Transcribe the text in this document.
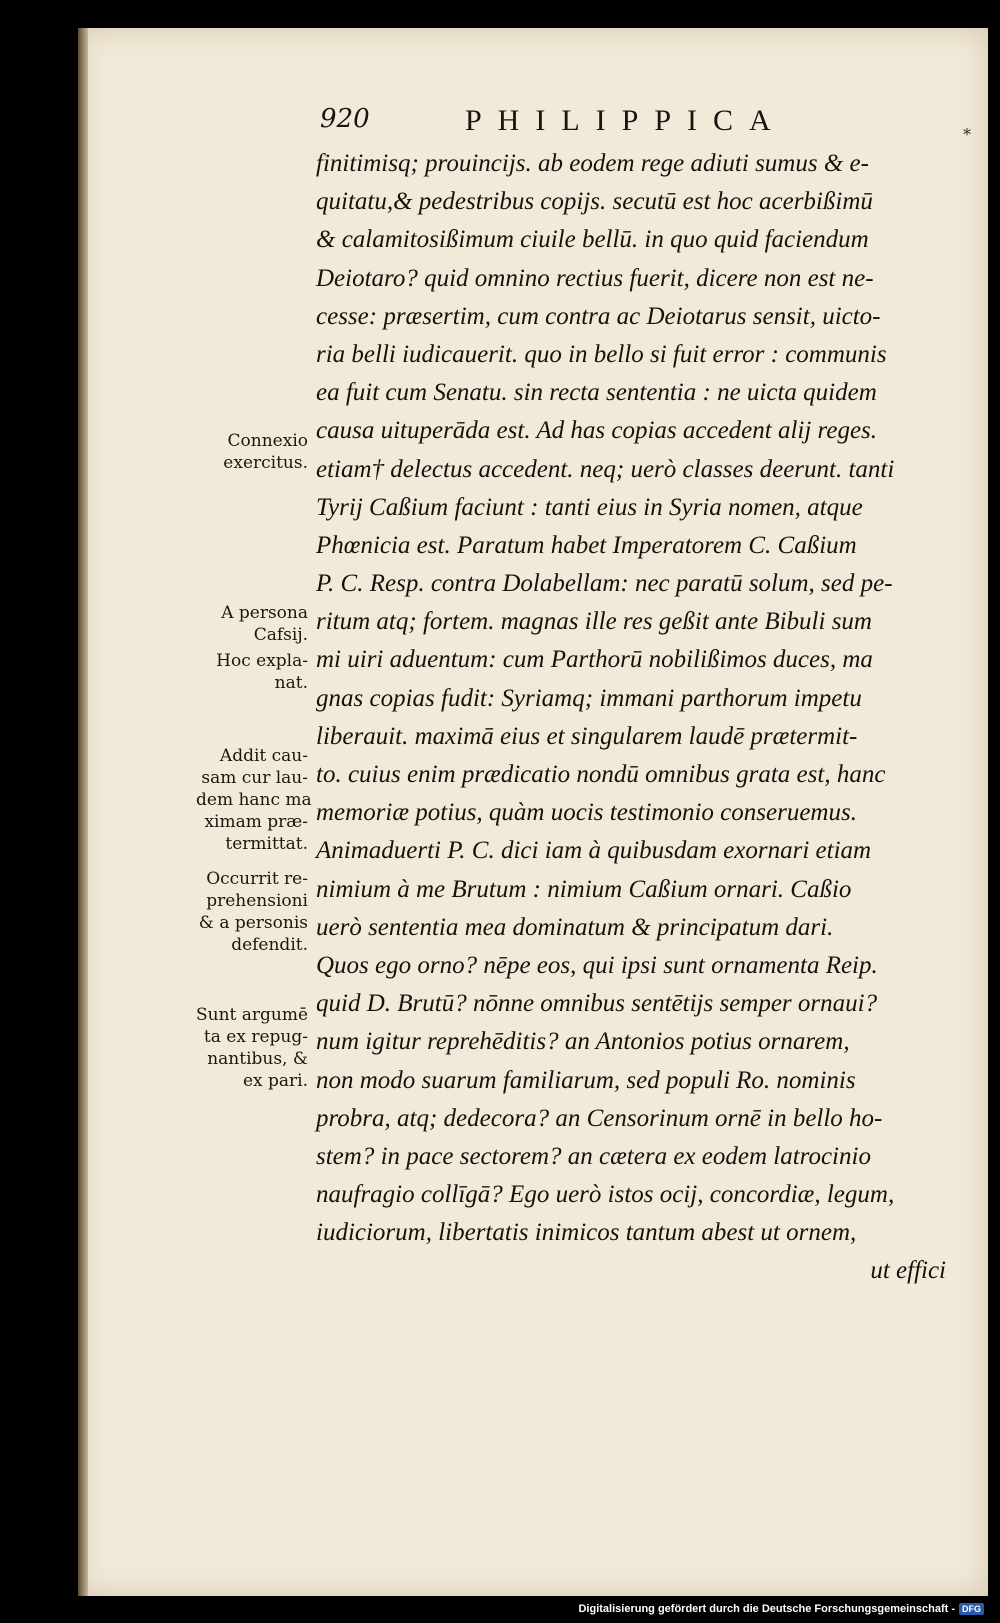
920	PHILIPPICA	*
finitimisq; prouincijs. ab eodem rege adiuti sumus & e-
quitatu,& pedestribus copijs. secutū est hoc acerbißimū
& calamitosißimum ciuile bellū. in quo quid faciendum
Deiotaro? quid omnino rectius fuerit, dicere non est ne-
cesse: præsertim, cum contra ac Deiotarus sensit, uicto-
ria belli iudicauerit. quo in bello si fuit error : communis
ea fuit cum Senatu. sin recta sententia : ne uicta quidem
causa uituperāda est. Ad has copias accedent alij reges.
etiam† delectus accedent. neq; uerò classes deerunt. tanti
Tyrij Caßium faciunt : tanti eius in Syria nomen, atque
Phœnicia est. Paratum habet Imperatorem C. Caßium
P. C. Resp. contra Dolabellam: nec paratū solum, sed pe-
ritum atq; fortem. magnas ille res geßit ante Bibuli sum
mi uiri aduentum: cum Parthorū nobilißimos duces, ma
gnas copias fudit: Syriamq; immani parthorum impetu
liberauit. maximā eius et singularem laudē prætermit-
to. cuius enim prædicatio nondū omnibus grata est, hanc
memoriæ potius, quàm uocis testimonio conseruemus.
Animaduerti P. C. dici iam à quibusdam exornari etiam
nimium à me Brutum : nimium Caßium ornari. Caßio
uerò sententia mea dominatum & principatum dari.
Quos ego orno? nēpe eos, qui ipsi sunt ornamenta Reip.
quid D. Brutū? nōnne omnibus sentētijs semper ornaui?
num igitur reprehēditis? an Antonios potius ornarem,
non modo suarum familiarum, sed populi Ro. nominis
probra, atq; dedecora? an Censorinum ornē in bello ho-
stem? in pace sectorem? an cætera ex eodem latrocinio
naufragio collīgā? Ego uerò istos ocij, concordiæ, legum,
iudiciorum, libertatis inimicos tantum abest ut ornem,
ut effici
Connexio
exercitus.
A persona
Cafsij.
Hoc expla-
nat.
Addit cau-
sam cur lau-
dem hanc ma
ximam præ-
termittat.
Occurrit re-
prehensioni
& a personis
defendit.
Sunt argumē
ta ex repug-
nantibus, &
ex pari.
Digitalisierung gefördert durch die Deutsche Forschungsgemeinschaft - DFG
